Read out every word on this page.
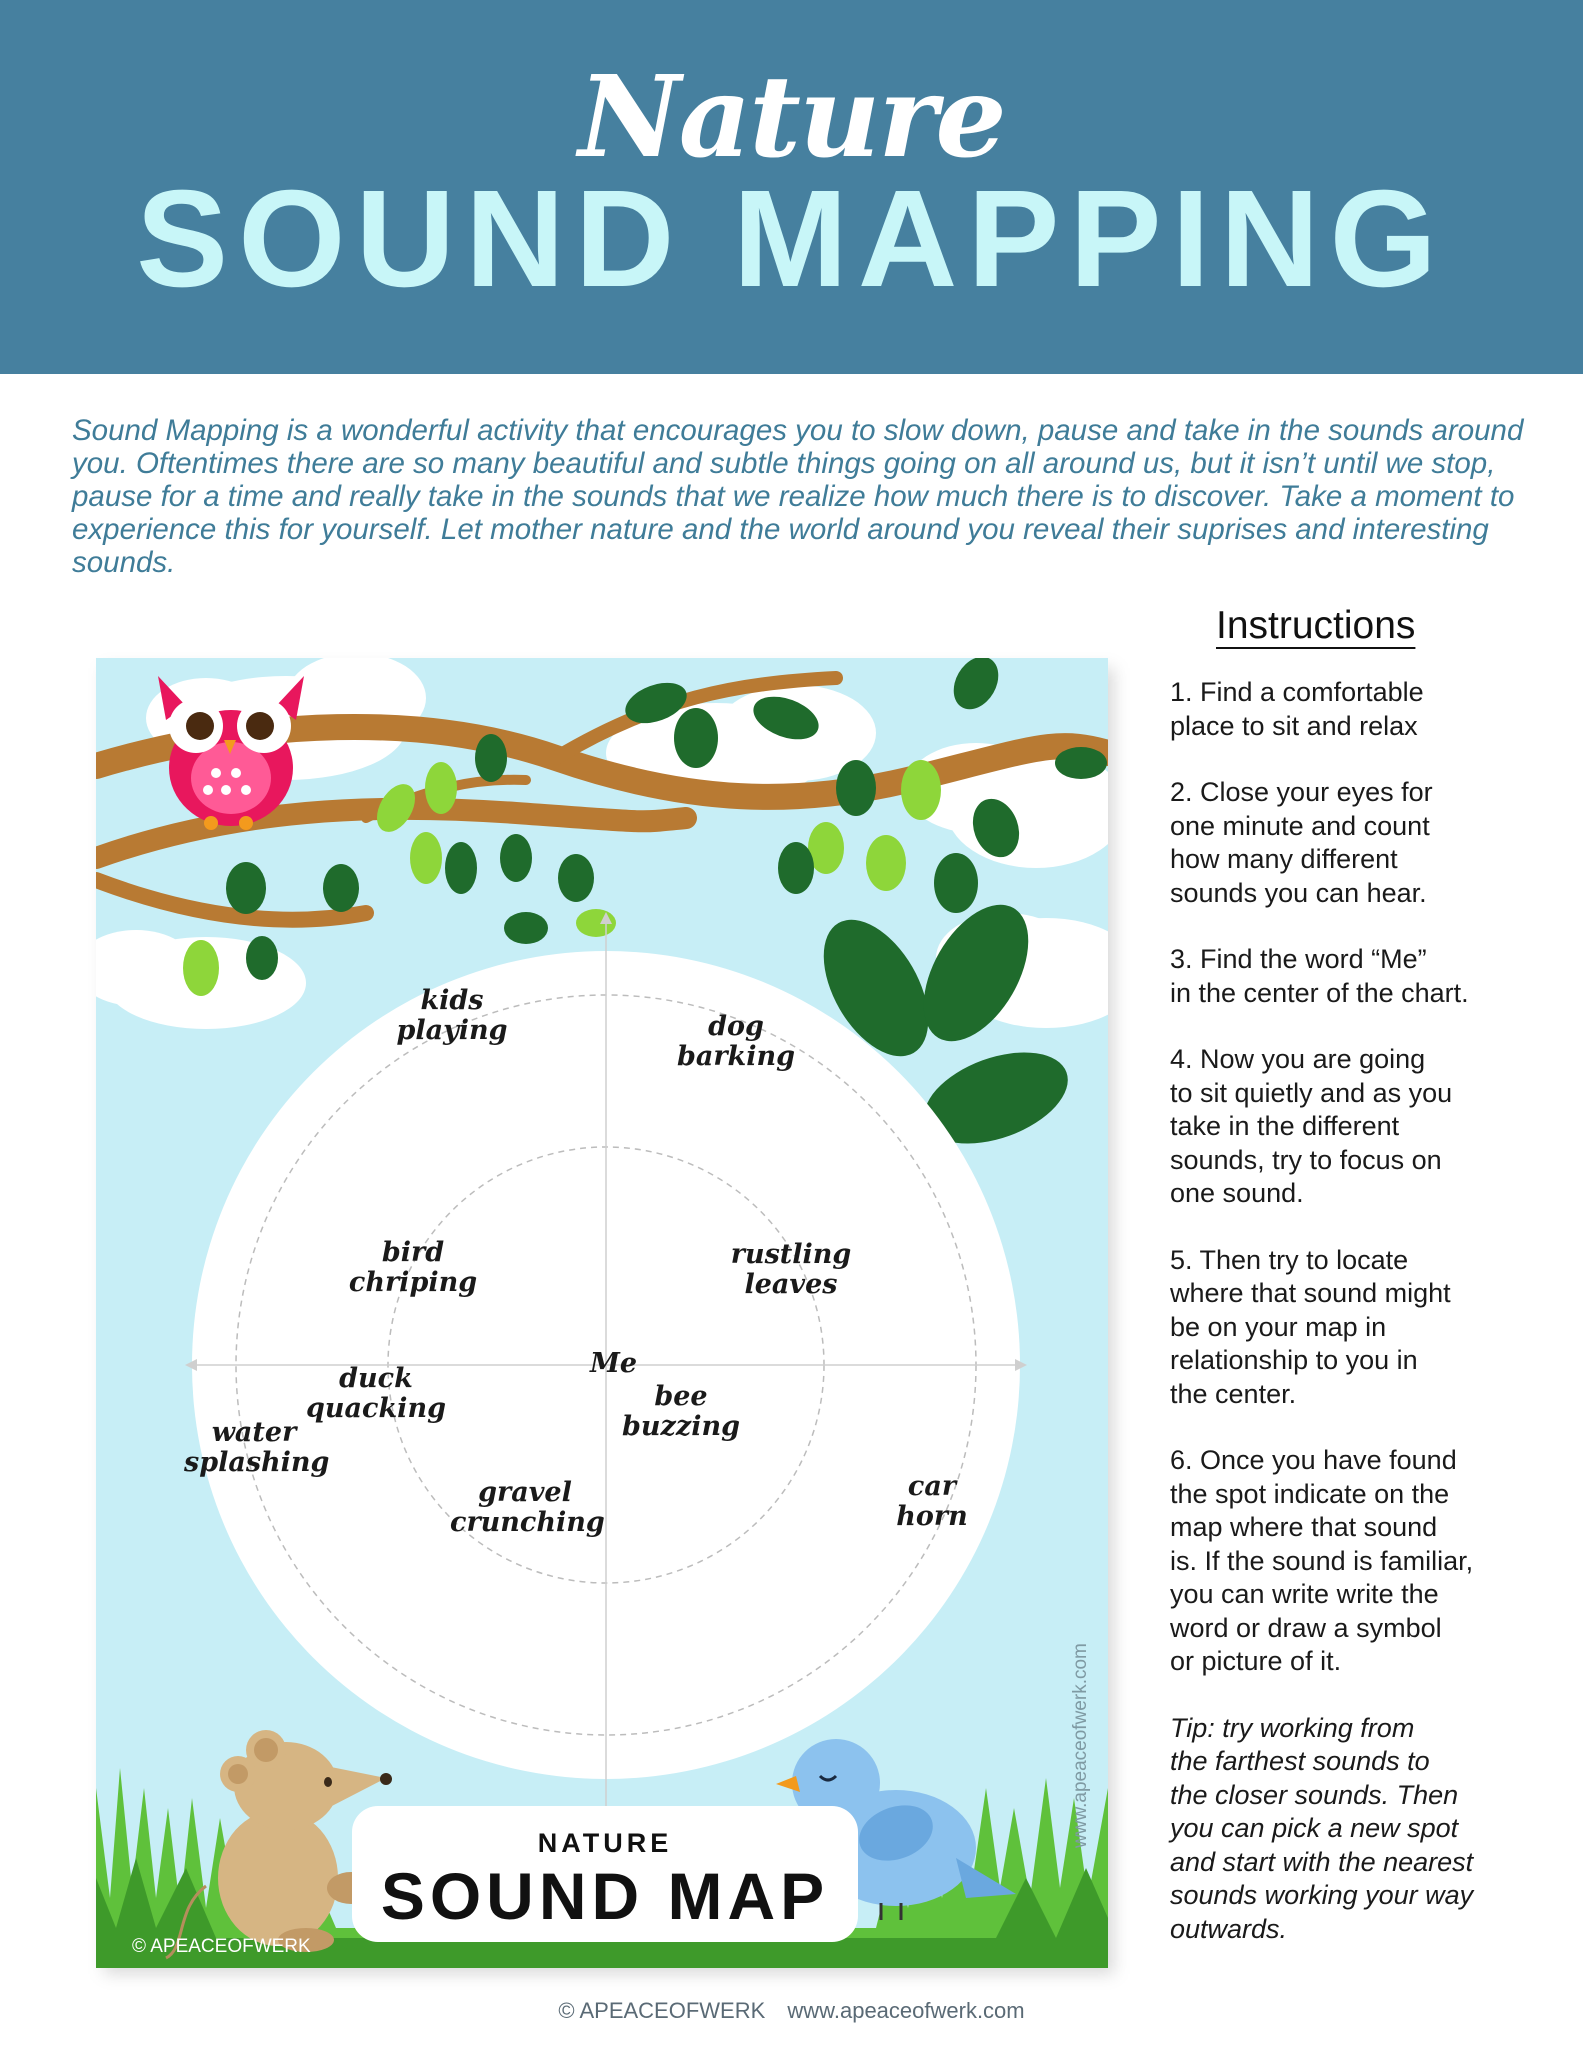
Nature
SOUND MAPPING

Sound Mapping is a wonderful activity that encourages you to slow down, pause and take in the sounds around you. Oftentimes there are so many beautiful and subtle things going on all around us, but it isn’t until we stop, pause for a time and really take in the sounds that we realize how much there is to discover. Take a moment to experience this for yourself. Let mother nature and the world around you reveal their suprises and interesting sounds.

kids
playing	dog
barking
bird
chriping
rustling
leaves
duck
quacking	bee
buzzing
water
splashing
gravel
crunching
car
horn
Me
NATURE
SOUND MAP
www.apeaceofwerk.com
© APEACEOFWERK
Instructions

1. Find a comfortable
place to sit and relax

2. Close your eyes for
one minute and count
how many different
sounds you can hear.

3. Find the word “Me”
in the center of the chart.

4. Now you are going
to sit quietly and as you
take in the different
sounds, try to focus on
one sound.

5. Then try to locate
where that sound might
be on your map in
relationship to you in
the center.

6. Once you have found
the spot indicate on the
map where that sound
is. If the sound is familiar,
you can write write the
word or draw a symbol
or picture of it.

Tip: try working from
the farthest sounds to
the closer sounds. Then
you can pick a new spot
and start with the nearest
sounds working your way
outwards.

© APEACEOFWERK www.apeaceofwerk.com
